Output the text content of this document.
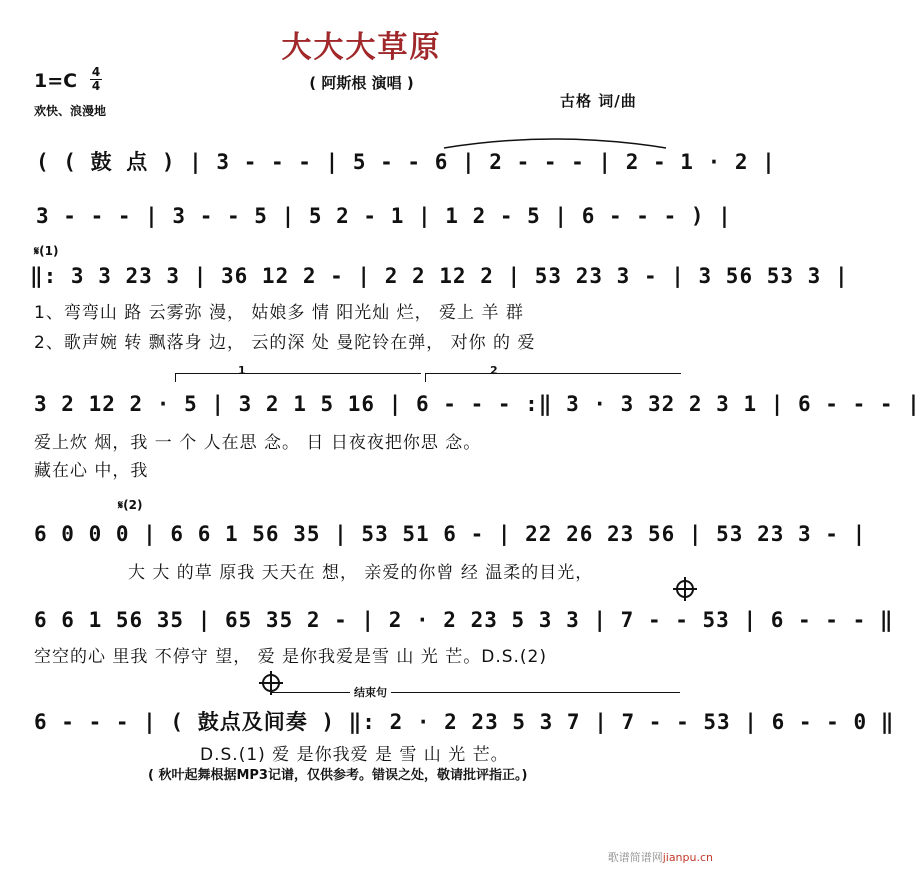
大大大草原
( 阿斯根 演唱 )
1=C 4
4
欢快、浪漫地
古格 词/曲
( ( 鼓 点 ) | 3 - - - | 5 - - 6 | 2 - - - | 2 - 1 · 2 |
3 - - - | 3 - - 5 | 5 2 - 1 | 1 2 - 5 | 6 - - - ) |
𝄋(1)
‖: 3 3 23 3 | 36 12 2 - | 2 2 12 2 | 53 23 3 - | 3 56 53 3 |
1、弯弯山 路 云雾弥 漫， 姑娘多 情 阳光灿 烂， 爱上 羊 群
2、歌声婉 转 飘落身 边， 云的深 处 曼陀铃在弹， 对你 的 爱
1	2
3 2 12 2 · 5 | 3 2 1 5 16 | 6 - - - :‖ 3 · 3 32 2 3 1 | 6 - - - |
爱上炊 烟，我 一 个 人在思 念。 日 日夜夜把你思 念。
藏在心 中，我
𝄋(2)
6 0 0 0 | 6 6 1 56 35 | 53 51 6 - | 22 26 23 56 | 53 23 3 - |
大 大 的草 原我 天天在 想， 亲爱的你曾 经 温柔的目光，
6 6 1 56 35 | 65 35 2 - | 2 · 2 23 5 3 3 | 7 - - 53 | 6 - - - ‖
空空的心 里我 不停守 望， 爱 是你我爱是雪 山 光 芒。D.S.(2)
结束句
6 - - - | ( 鼓点及间奏 ) ‖: 2 · 2 23 5 3 7 | 7 - - 53 | 6 - - 0 ‖
D.S.(1) 爱 是你我爱 是 雪 山 光 芒。
( 秋叶起舞根据MP3记谱，仅供参考。错误之处，敬请批评指正。)
歌谱简谱网jianpu.cn
